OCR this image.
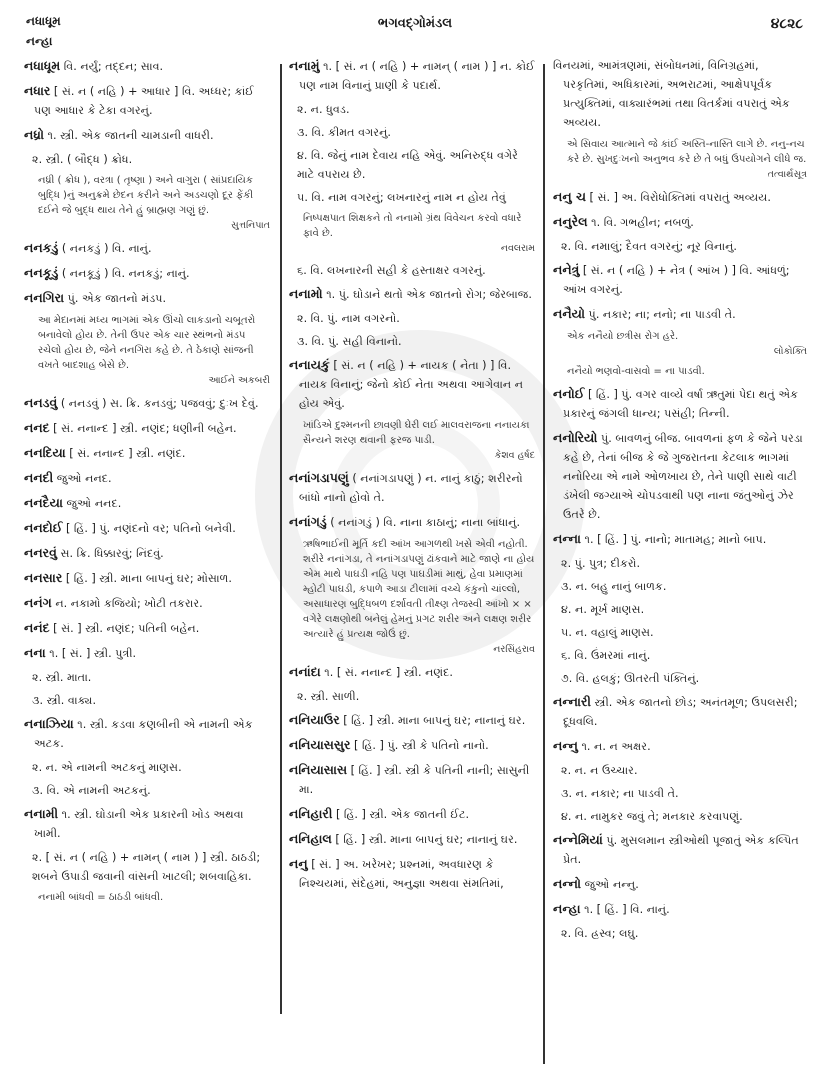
નધાધૂમ
નન્હા
ભગવદ્ગોમંડલ	૪૮૨૮
નધાધૂમ વિ. નર્યું; તદ્દન; સાવ.
નધાર [ સં. ન ( નહિ ) + આધાર ] વિ. અધ્ધર; કાંઈ પણ આધાર કે ટેકા વગરનું.
નધ્રો ૧. સ્ત્રી. એક જાતની ચામડાની વાધરી.
૨. સ્ત્રી. ( બૌદ્ધ ) ક્રોધ.
નધ્રી ( ક્રોધ ), વરત્રા ( તૃષ્ણા ) અને વાગુરા ( સાંપ્રદાયિક બુદ્ધિ )નું અનુક્રમે છેદન કરીને અને અડચણો દૂર ફેંકી દઈને જે બુદ્ધ થાય તેને હું બ્રાહ્મણ ગણું છું.
સુત્તનિપાત
નનકડું ( નનકડું ) વિ. નાનું.
નનકૂડું ( નનકૂડું ) વિ. નનકડું; નાનું.
નનગિરા પું. એક જાતનો મંડપ.
આ મેદાનમાં મધ્ય ભાગમાં એક ઊંચો લાકડાનો ચબૂતરો બનાવેલો હોય છે. તેની ઉપર એક ચાર સ્થંભનો મંડપ રચેલો હોય છે, જેને નનગિરા કહે છે. તે ઠેકાણે સાંજની વખતે બાદશાહ બેસે છે.
આઈને અકબરી
નનડવું ( નનડવું ) સ. ક્રિ. કનડવું; પજવવું; દુઃખ દેવું.
નનદ [ સં. નનાન્દ ] સ્ત્રી. નણંદ; ધણીની બહેન.
નનદિયા [ સં. નનાન્દ ] સ્ત્રી. નણંદ.
નનદી જુઓ નનદ.
નનદૈયા જુઓ નનદ.
નનદોઈ [ હિં. ] પું. નણંદનો વર; પતિનો બનેવી.
નનરવું સ. ક્રિ. ધિક્કારવું; નિંદવું.
નનસાર [ હિં. ] સ્ત્રી. માના બાપનું ઘર; મોસાળ.
નનંગ ન. નકામો કજિયો; ખોટી તકરાર.
નનંદ [ સં. ] સ્ત્રી. નણંદ; પતિની બહેન.
નના ૧. [ સં. ] સ્ત્રી. પુત્રી.
૨. સ્ત્રી. માતા.
૩. સ્ત્રી. વાક્ય.
નનાઝિયા ૧. સ્ત્રી. કડવા કણબીની એ નામની એક અટક.
૨. ન. એ નામની અટકનું માણસ.
૩. વિ. એ નામની અટકનું.
નનામી ૧. સ્ત્રી. ઘોડાની એક પ્રકારની ખોડ અથવા ખામી.
૨. [ સં. ન ( નહિ ) + નામન્ ( નામ ) ] સ્ત્રી. ઠાઠડી; શબને ઉપાડી જવાની વાંસની ખાટલી; શબવાહિકા.
નનામી બાંધવી = ઠાઠડી બાંધવી.
નનામું ૧. [ સં. ન ( નહિ ) + નામન્ ( નામ ) ] ન. કોઈ પણ નામ વિનાનું પ્રાણી કે પદાર્થ.
૨. ન. ધુવડ.
૩. વિ. કીમત વગરનું.
૪. વિ. જેનું નામ દેવાય નહિ એવું. અનિરુદ્ધ વગેરે માટે વપરાય છે.
૫. વિ. નામ વગરનું; લખનારનું નામ ન હોય તેવું
નિષ્પક્ષપાત શિક્ષકને તો નનામો ગ્રંથ વિવેચન કરવો વધારે ફાવે છે.
નવલરામ
૬. વિ. લખનારની સહી કે હસ્તાક્ષર વગરનું.
નનામો ૧. પું. ઘોડાને થતો એક જાતનો રોગ; જેરબાજ.
૨. વિ. પું. નામ વગરનો.
૩. વિ. પું. સહી વિનાનો.
નનાયકું [ સં. ન ( નહિ ) + નાયક ( નેતા ) ] વિ. નાયક વિનાનું; જેનો કોઈ નેતા અથવા આગેવાન ન હોય એવું.
ખાંડિએ દુશ્મનની છાવણી ઘેરી લઈ માલવરાજના નનાયકા સૈન્યને શરણ થવાની ફરજ પાડી.
કેશવ હર્ષદ
નનાંગડાપણું ( નનાંગડાપણું ) ન. નાનું કાઠું; શરીરનો બાંધો નાનો હોવો તે.
નનાંગડું ( નનાંગડું ) વિ. નાના કાઠાનું; નાના બાંધાનું.
ઋષિભાઈની મૂર્તિ કદી આંખ આગળથી ખસે એવી નહોતી. શરીરે નનાંગડા, તે નનાંગડાપણું ઢાંકવાને માટે જાણે ના હોય એમ માથે પાઘડી નહિ પણ પાઘડીમાં માથું, હેવા પ્રમાણમાં મ્હોટી પાઘડી, કપાળે આડા ટીલામાં વચ્ચે કંકુનો ચાંલ્લો, અસાધારણ બુદ્ધિબળ દર્શાવતી તીક્ષ્ણ તેજસ્વી આંખો × × વગેરે લક્ષણોથી બનેલું હેમનું પ્રગટ શરીર અને લક્ષણ શરીર અત્યારે હું પ્રત્યક્ષ જોઉં છું.
નરસિંહરાવ
નનાંદા ૧. [ સં. નનાન્દ ] સ્ત્રી. નણંદ.
૨. સ્ત્રી. સાળી.
નનિયાઉર [ હિં. ] સ્ત્રી. માના બાપનું ઘર; નાનાનું ઘર.
નનિયાસસુર [ હિં. ] પું. સ્ત્રી કે પતિનો નાનો.
નનિયાસાસ [ હિં. ] સ્ત્રી. સ્ત્રી કે પતિની નાની; સાસુની મા.
નનિહારી [ હિં. ] સ્ત્રી. એક જાતની ઈંટ.
નનિહાલ [ હિં. ] સ્ત્રી. માના બાપનું ઘર; નાનાનું ઘર.
નનુ [ સં. ] અ. ખરેખર; પ્રશ્નમાં, અવધારણ કે નિશ્ચયમાં, સંદેહમાં, અનુજ્ઞા અથવા સંમતિમાં,
વિનયમાં, આમંત્રણમાં, સંબોધનમાં, વિનિગ્રહમાં, પરકૃતિમાં, અધિકારમાં, અભરાટમાં, આક્ષેપપૂર્વક પ્રત્યુક્તિમાં, વાક્યારંભમાં તથા વિતર્કમાં વપરાતું એક અવ્યય.
એ સિવાય આત્માને જે કાંઈ અસ્તિ-નાસ્તિ લાગે છે. નનુ-નચ કરે છે. સુખદુઃખનો અનુભવ કરે છે તે બધું ઉપયોગને લીધે જ.
તત્વાર્થસૂત્ર
નનુ ચ [ સં. ] અ. વિરોધોક્તિમાં વપરાતું અવ્યય.
નનુરેલ ૧. વિ. ગભહીન; નબળું.
૨. વિ. નમાલું; દૈવત વગરનું; નૂર વિનાનું.
નનેત્રું [ સં. ન ( નહિ ) + નેત્ર ( આંખ ) ] વિ. આંધળું; આંખ વગરનું.
નનૈયો પું. નકાર; ના; નનો; ના પાડવી તે.
એક નનૈયો છત્રીસ રોગ હરે.
લોકોક્તિ
નનૈયો ભણવો-વાસવો = ના પાડવી.
નનોઈ [ હિં. ] પું. વગર વાવ્યે વર્ષા ઋતુમાં પેદા થતું એક પ્રકારનું જંગલી ધાન્ય; પસંહી; તિન્ની.
નનોરિયો પું. બાવળનું બીજ. બાવળનાં ફળ કે જેને પરડા કહે છે, તેનાં બીજ કે જે ગુજરાતના કેટલાક ભાગમાં નનોરિયા એ નામે ઓળખાય છે, તેને પાણી સાથે વાટી ડંખેલી જગ્યાએ ચોપડવાથી પણ નાના જંતુઓનું ઝેર ઉતરે છે.
નન્ના ૧. [ હિં. ] પું. નાનો; માતામહ; માનો બાપ.
૨. પું. પુત્ર; દીકરો.
૩. ન. બહુ નાનું બાળક.
૪. ન. મૂર્ખ માણસ.
૫. ન. વહાલું માણસ.
૬. વિ. ઉંમરમાં નાનું.
૭. વિ. હલકું; ઊતરતી પંક્તિનું.
નન્નારી સ્ત્રી. એક જાતનો છોડ; અનંતમૂળ; ઉપલસરી; દૂધવલિ.
નન્નુ ૧. ન. ન અક્ષર.
૨. ન. ન ઉચ્ચાર.
૩. ન. નકાર; ના પાડવી તે.
૪. ન. નામુકર જવું તે; મનકાર કરવાપણું.
નન્નેમિયાં પું. મુસલમાન સ્ત્રીઓથી પૂજાતું એક કલ્પિત પ્રેત.
નન્નો જુઓ નન્નુ.
નન્હા ૧. [ હિં. ] વિ. નાનું.
૨. વિ. હ્રસ્વ; લઘુ.
